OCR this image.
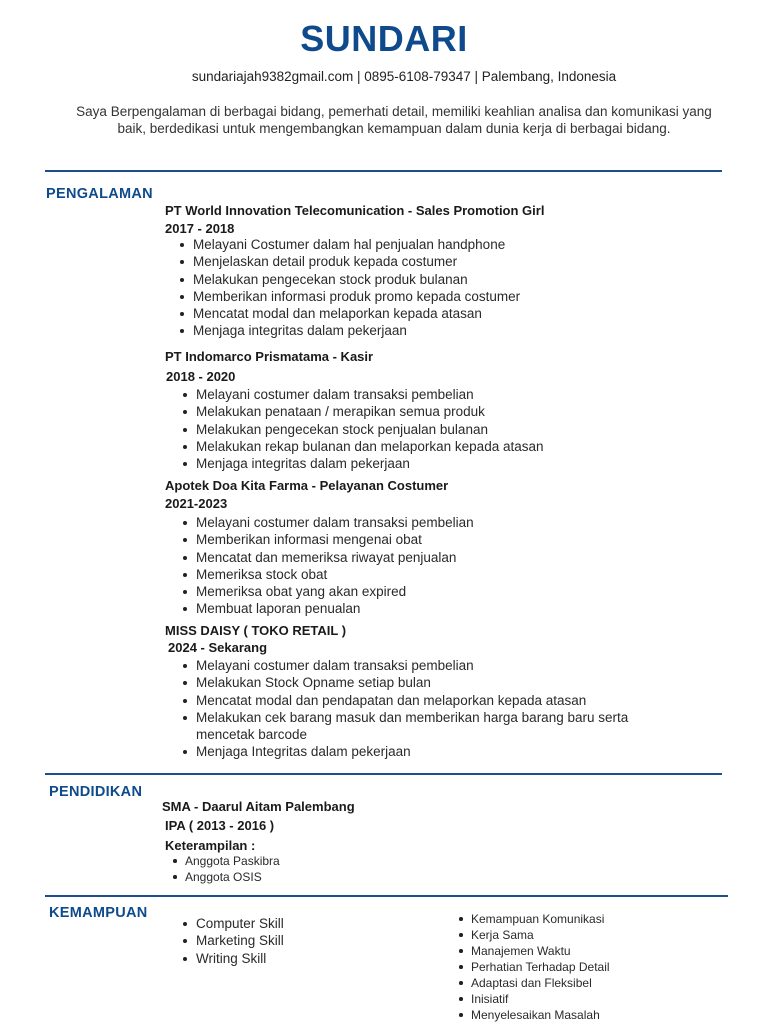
SUNDARI
sundariajah9382gmail.com | 0895-6108-79347 | Palembang, Indonesia
Saya Berpengalaman di berbagai bidang, pemerhati detail, memiliki keahlian analisa dan komunikasi yang baik, berdedikasi untuk mengembangkan kemampuan dalam dunia kerja di berbagai bidang.
PENGALAMAN
PT World Innovation Telecomunication - Sales Promotion Girl
2017 - 2018
Melayani Costumer dalam hal penjualan handphone
Menjelaskan detail produk kepada costumer
Melakukan pengecekan stock produk bulanan
Memberikan informasi produk promo kepada costumer
Mencatat modal dan melaporkan kepada atasan
Menjaga integritas dalam pekerjaan
PT Indomarco Prismatama - Kasir
2018 - 2020
Melayani costumer dalam transaksi pembelian
Melakukan penataan / merapikan semua produk
Melakukan pengecekan stock penjualan bulanan
Melakukan rekap bulanan dan melaporkan kepada atasan
Menjaga integritas dalam pekerjaan
Apotek Doa Kita Farma - Pelayanan Costumer
2021-2023
Melayani costumer dalam transaksi pembelian
Memberikan informasi mengenai obat
Mencatat dan memeriksa riwayat penjualan
Memeriksa stock obat
Memeriksa obat yang akan expired
Membuat laporan penualan
MISS DAISY ( TOKO RETAIL )
2024 - Sekarang
Melayani costumer dalam transaksi pembelian
Melakukan Stock Opname setiap bulan
Mencatat modal dan pendapatan dan melaporkan kepada atasan
Melakukan cek barang masuk dan memberikan harga barang baru serta mencetak barcode
Menjaga Integritas dalam pekerjaan
PENDIDIKAN
SMA - Daarul Aitam Palembang
IPA ( 2013 - 2016 )
Keterampilan :
Anggota Paskibra
Anggota OSIS
KEMAMPUAN
Computer Skill
Marketing Skill
Writing Skill
Kemampuan Komunikasi
Kerja Sama
Manajemen Waktu
Perhatian Terhadap Detail
Adaptasi dan Fleksibel
Inisiatif
Menyelesaikan Masalah
